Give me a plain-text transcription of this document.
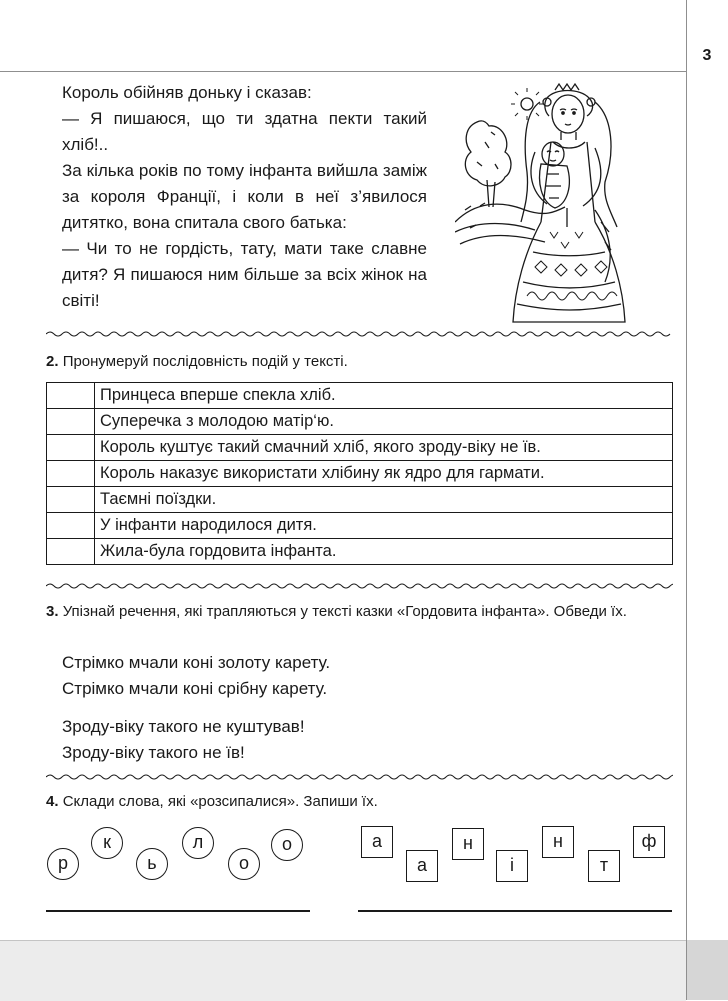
3

Король обійняв доньку і сказав:

— Я пишаюся, що ти здатна пекти такий хліб!..

За кілька років по тому інфанта вийшла заміж за короля Франції, і коли в неї з’явилося дитятко, вона спитала свого батька:

— Чи то не гордість, тату, мати таке славне дитя? Я пишаюся ним більше за всіх жінок на світі!

2. Пронумеруй послідовність подій у тексті.
	Принцеса вперше спекла хліб.
	Суперечка з молодою матір‘ю.
	Король куштує такий смачний хліб, якого зроду-віку не їв.
	Король наказує використати хлібину як ядро для гармати.
	Таємні поїздки.
	У інфанти народилося дитя.
	Жила-була гордовита інфанта.
3. Упізнай речення, які трапляються у тексті казки «Гордовита інфанта». Обведи їх.
Стрімко мчали коні золоту карету.
Стрімко мчали коні срібну карету.
Зроду-віку такого не куштував!
Зроду-віку такого не їв!
4. Склади слова, які «розсипалися». Запиши їх.
р
к
ь
л
о
о	а
а
н
і
н
т
ф
